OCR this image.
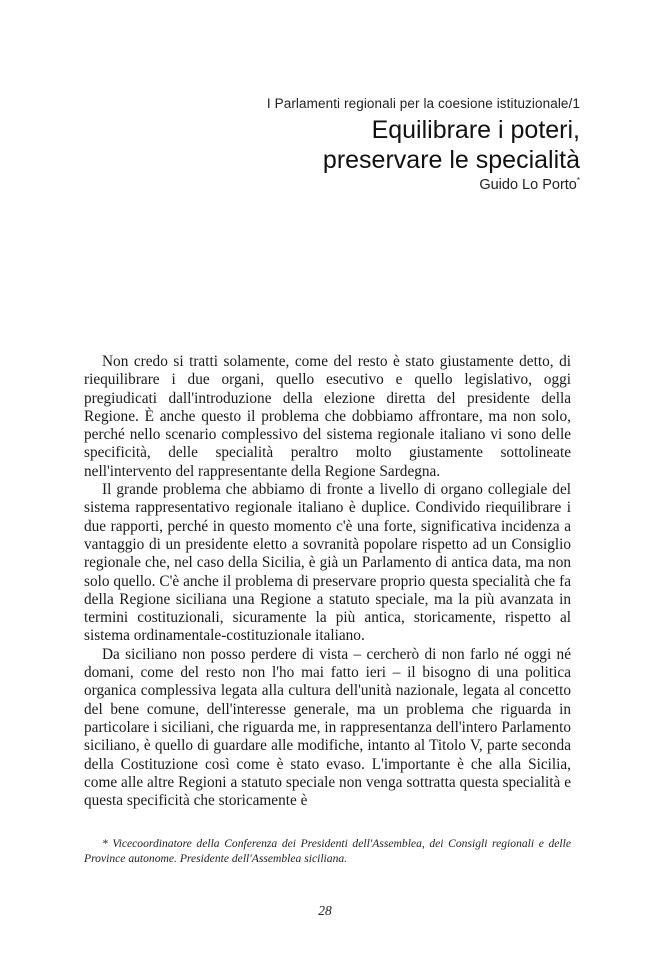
I Parlamenti regionali per la coesione istituzionale/1
Equilibrare i poteri,
preservare le specialità
Guido Lo Porto*

Non credo si tratti solamente, come del resto è stato giustamente detto, di riequilibrare i due organi, quello esecutivo e quello legislativo, oggi pregiudicati dall'introduzione della elezione diretta del presidente della Regione. È anche questo il problema che dobbiamo affrontare, ma non solo, perché nello scenario complessivo del sistema regionale italiano vi sono delle specificità, delle specialità peraltro molto giustamente sottolineate nell'intervento del rappresentante della Regione Sardegna.

Il grande problema che abbiamo di fronte a livello di organo collegiale del sistema rappresentativo regionale italiano è duplice. Condivido riequilibrare i due rapporti, perché in questo momento c'è una forte, significativa incidenza a vantaggio di un presidente eletto a sovranità popolare rispetto ad un Consiglio regionale che, nel caso della Sicilia, è già un Parlamento di antica data, ma non solo quello. C'è anche il problema di preservare proprio questa specialità che fa della Regione siciliana una Regione a statuto speciale, ma la più avanzata in termini costituzionali, sicuramente la più antica, storicamente, rispetto al sistema ordinamentale-costituzionale italiano.

Da siciliano non posso perdere di vista – cercherò di non farlo né oggi né domani, come del resto non l'ho mai fatto ieri – il bisogno di una politica organica complessiva legata alla cultura dell'unità nazionale, legata al concetto del bene comune, dell'interesse generale, ma un problema che riguarda in particolare i siciliani, che riguarda me, in rappresentanza dell'intero Parlamento siciliano, è quello di guardare alle modifiche, intanto al Titolo V, parte seconda della Costituzione così come è stato evaso. L'importante è che alla Sicilia, come alle altre Regioni a statuto speciale non venga sottratta questa specialità e questa specificità che storicamente è

* Vicecoordinatore della Conferenza dei Presidenti dell'Assemblea, dei Consigli regionali e delle Province autonome. Presidente dell'Assemblea siciliana.
28
